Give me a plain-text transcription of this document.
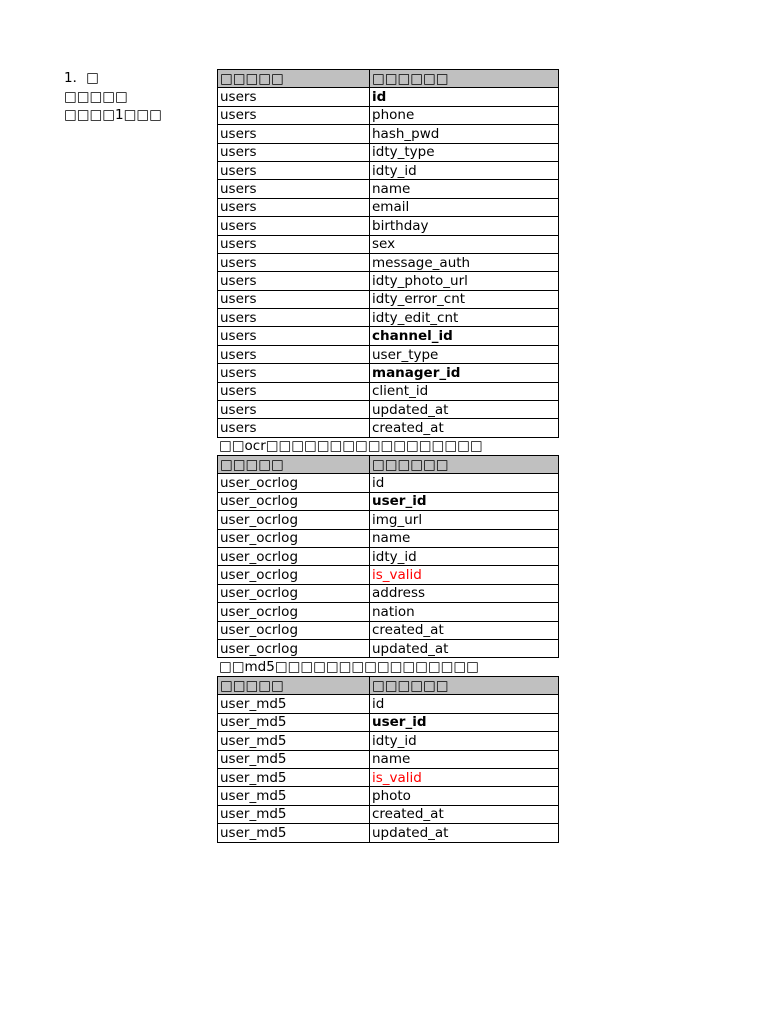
1．□
□□□□□
□□□□1□□□
□□□□□	□□□□□□
users	id
users	phone
users	hash_pwd
users	idty_type
users	idty_id
users	name
users	email
users	birthday
users	sex
users	message_auth
users	idty_photo_url
users	idty_error_cnt
users	idty_edit_cnt
users	channel_id
users	user_type
users	manager_id
users	client_id
users	updated_at
users	created_at
□□ocr□□□□□□□□□□□□□□□□□
□□□□□	□□□□□□
user_ocrlog	id
user_ocrlog	user_id
user_ocrlog	img_url
user_ocrlog	name
user_ocrlog	idty_id
user_ocrlog	is_valid
user_ocrlog	address
user_ocrlog	nation
user_ocrlog	created_at
user_ocrlog	updated_at
□□md5□□□□□□□□□□□□□□□□
□□□□□	□□□□□□
user_md5	id
user_md5	user_id
user_md5	idty_id
user_md5	name
user_md5	is_valid
user_md5	photo
user_md5	created_at
user_md5	updated_at
